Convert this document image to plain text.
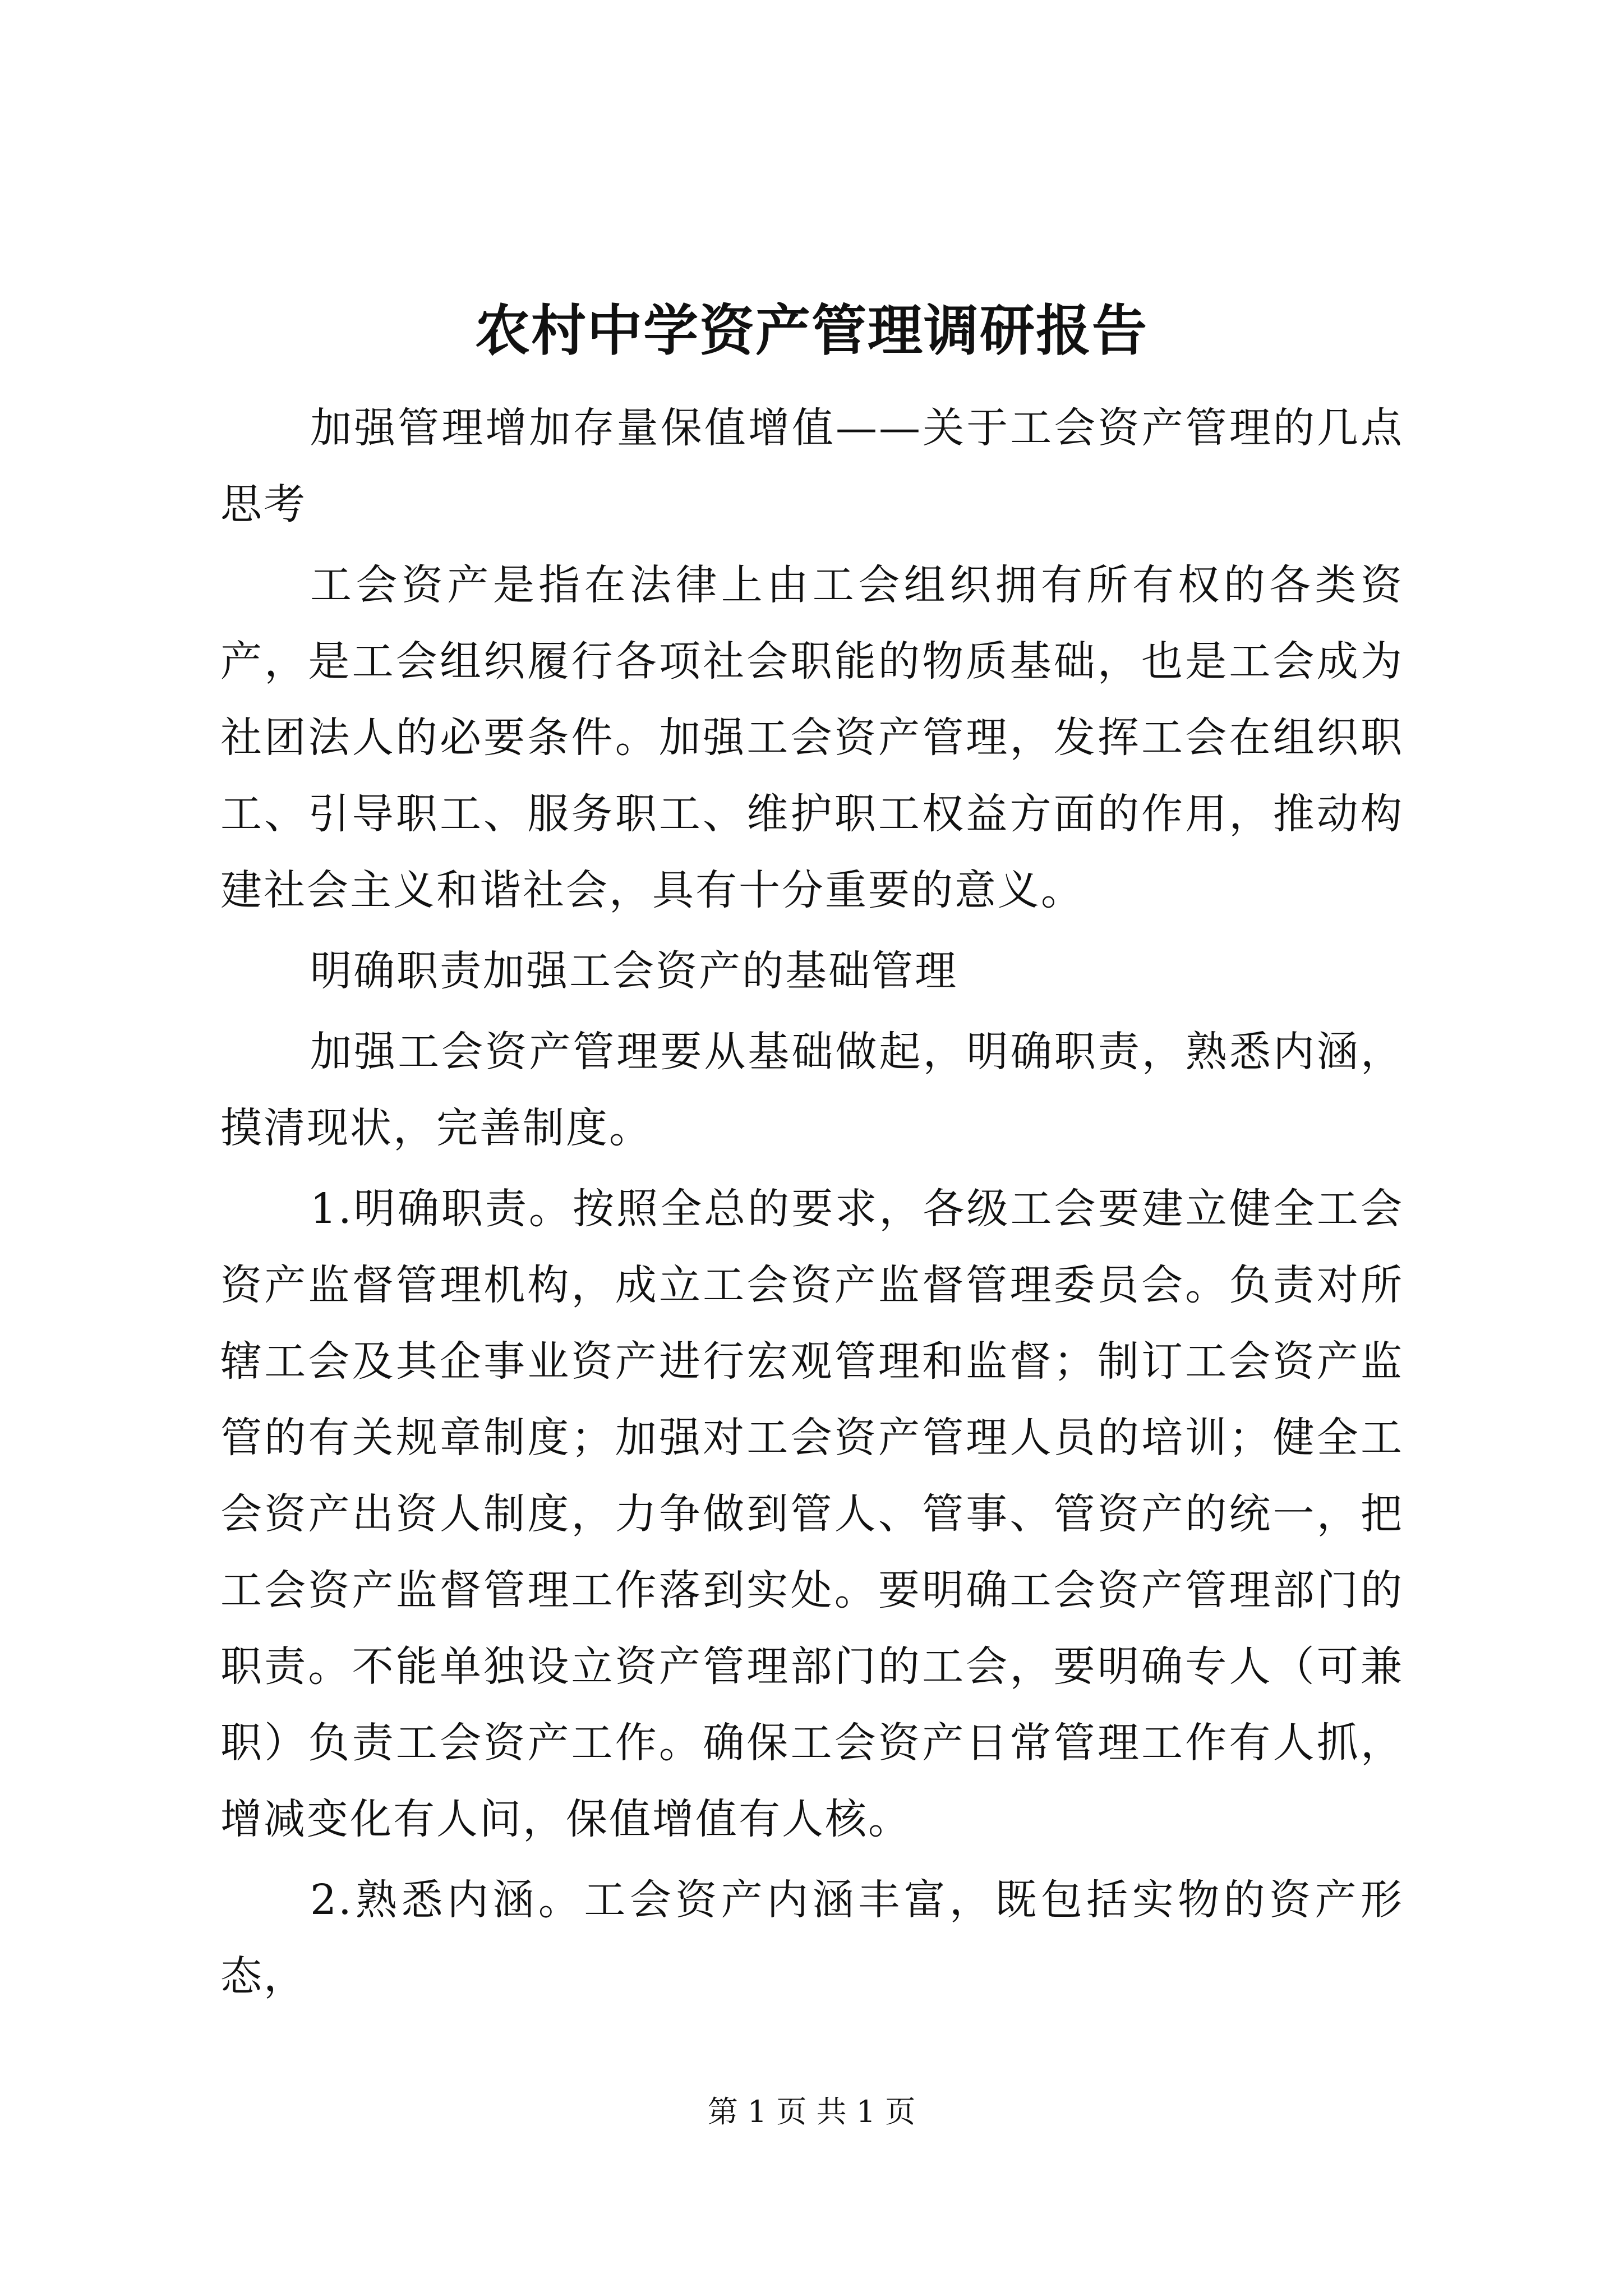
农村中学资产管理调研报告

加强管理增加存量保值增值——关于工会资产管理的几点思考

工会资产是指在法律上由工会组织拥有所有权的各类资产，是工会组织履行各项社会职能的物质基础，也是工会成为社团法人的必要条件。加强工会资产管理，发挥工会在组织职工、引导职工、服务职工、维护职工权益方面的作用，推动构建社会主义和谐社会，具有十分重要的意义。

明确职责加强工会资产的基础管理

加强工会资产管理要从基础做起，明确职责，熟悉内涵，摸清现状，完善制度。

1.明确职责。按照全总的要求，各级工会要建立健全工会资产监督管理机构，成立工会资产监督管理委员会。负责对所辖工会及其企事业资产进行宏观管理和监督；制订工会资产监管的有关规章制度；加强对工会资产管理人员的培训；健全工会资产出资人制度，力争做到管人、管事、管资产的统一，把工会资产监督管理工作落到实处。要明确工会资产管理部门的职责。不能单独设立资产管理部门的工会，要明确专人（可兼职）负责工会资产工作。确保工会资产日常管理工作有人抓，增减变化有人问，保值增值有人核。

2.熟悉内涵。工会资产内涵丰富，既包括实物的资产形态，

第 1 页 共 1 页
